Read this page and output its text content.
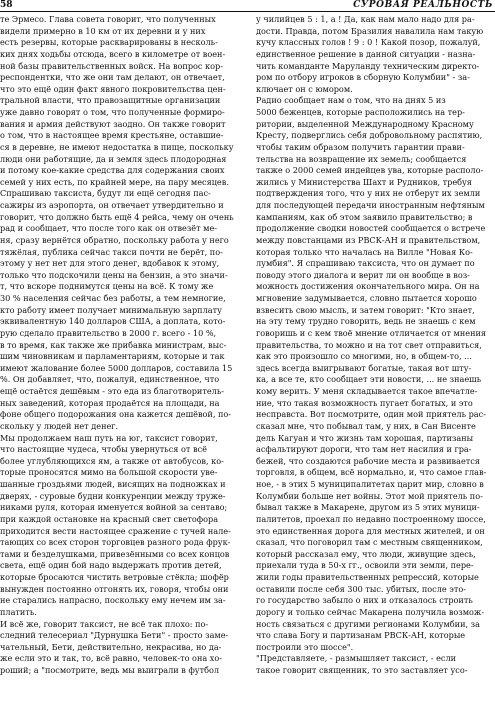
58	СУРОВАЯ РЕАЛЬНОСТЬ
те Эрмесо. Глава совета говорит, что полученных
видели примерно в 10 км от их деревни и у них
есть резервы, которые раскварированы в несколь-
ких днях ходьбы отсюда, всего в километре от воен-
ной базы правительственных войск. На вопрос кор-
респондентки, что же они там делают, он отвечает,
что это ещё один факт явного покровительства цен-
тральной власти, что правозащитные организации
уже давно говорят о том, что полученные формиро-
вания и армия действуют заодно. Он также говорит
о том, что в настоящее время крестьяне, оставшие-
ся в деревне, не имеют недостатка в пище, поскольку
люди они работящие, да и земля здесь плодородная
и потому кое-какие средства для содержания своих
семей у них есть, по крайней мере, на пару месяцев.
Спрашиваю таксиста, будут ли ещё сегодня пас-
сажиры из аэропорта, он отвечает утвердительно и
говорит, что должно быть ещё 4 рейса, чему он очень
рад и сообщает, что после того как он отвезёт ме-
ня, сразу вернётся обратно, поскольку работа у него
тяжёлая, публика сейчас такси почти не берёт, по-
этому у нет нет для этого денег, вдобавок к этому,
только что подскочили цены на бензин, а это значи-
т, что вскоре поднимутся цены на всё. К тому же
30 % населения сейчас без работы, а тем немногие,
кто работу имеет получает минимальную зарплату
эквивалентную 140 долларов США, а доплата, кото-
рую сделало правительство в 2000 г. всего - 10 %,
в то время, как также же прибавка министрам, выс-
шим чиновникам и парламентариям, которые и так
имеют жалование более 5000 долларов, составила 15
%. Он добавляет, что, пожалуй, единственное, что
ещё остаётся дешёвым - это еда из благотворитель-
ных заведений, которая продаётся на площади, на
фоне общего подорожания она кажется дешёвой, по-
скольку у людей нет денег.
Мы продолжаем наш путь на юг, таксист говорит,
что настоящие чудеса, чтобы увернуться от всё
более углубляющихся ям, а также от автобусов, ко-
торые проносятся мимо на большой скорости уве-
шанные гроздьями людей, висящих на подножках и
дверях, - суровые будни конкуренции между труже-
никами руля, которая именуется войной за сентаво;
при каждой остановке на красный свет светофора
приходится вести настоящее сражение с тучей нале-
тающих со всех сторон торговцев разного рода фрук-
тами и безделушками, привезёнными со всех концов
света, ещё один бой надо выдержать против детей,
которые бросаются чистить ветровые стёкла; шофёр
вынужден постоянно отгонять их, говоря, чтобы они
не старались напрасно, поскольку ему нечем им за-
платить.
И всё же, говорит таксист, не всё так плохо: по-
следний телесериал "Дурнушка Бети" - просто заме-
чательный, Бети, действительно, некрасива, но да-
же если это и так, то, всё равно, человек-то она хо-
роший; а "посмотрите, ведь мы выиграли в футбол
у чилийцев 5 : 1, а ! Да, как нам мало надо для ра-
дости. Правда, потом Бразилия навалила нам такую
кучу классных голов ! 9 : 0 ! Какой позор, пожалуй,
единственное решение в данной ситуации - назна-
чить команданте Маруланду техническим директо-
ром по отбору игроков в сборную Колумбии" - за-
ключает он с юмором.
Радио сообщает нам о том, что на днях 5 из
5000 беженцев, которые расположились на тер-
ритории, выделенной Международному Красному
Кресту, подверглись себя добровольному распятию,
чтобы таким образом получить гарантии прави-
тельства на возвращение их земель; сообщается
также о 2000 семей индейцев ува, которые располо-
жились у Министерства Шахт и Рудников, требуя
подтверждения того, что у них не отберут их земли
для последующей передачи иностранным нефтяным
кампаниям, как об этом заявило правительство; в
продолжение сводки новостей сообщается о встрече
между повстанцами из РВСК-АН и правительством,
которая только что началась на Вилле "Новая Ко-
лумбия". Я спрашиваю таксиста, что он думает по
поводу этого диалога и верит ли он вообще в воз-
можность достижения окончательного мира. Он на
мгновение задумывается, словно пытается хорошо
взвесить свою мысль, и затем говорит: "Кто знает,
на эту тему трудно говорить, ведь не знаешь с кем
говоришь и с кем твоё мнение отличается от мнения
правительства, то можно и на тот свет отправиться,
как это произошло со многими, но, в общем-то, ...
здесь всегда выигрывают богатые, такая вот шту-
ка, а все те, кто сообщает эти новости, ... не знаешь
кому верить. У меня складывается такое впечатле-
ние, что такая возможность пугает богатых, и это
несправста. Вот посмотрите, один мой приятель рас-
сказал мне, что побывал там, у них, в Сан Висенте
дель Кагуан и что жизнь там хорошая, партизаны
асфальтируют дороги, что там нет насилия и гра-
бежей, что создаются рабочие места и развивается
торговля, в общем, всё нормально, и, что самое глав-
ное, - в этих 5 муниципалитетах царит мир, словно в
Колумбии больше нет войны. Этот мой приятель по-
бывал также в Макарене, другом из 5 этих муници-
палитетов, проехал по недавно построенному шоссе,
это единственная дорога для местных жителей, и он
сказал, что поговорил там с местным священником,
который рассказал ему, что люди, живущие здесь,
приехали туда в 50-х гг., освоили эти земли, пере-
жили годы правительственных репрессий, которые
оставили после себя 300 тыс. убитых, после это-
го государство забыло о них и отказалось строить
дорогу и только сейчас Макарена получила возмож-
ность связаться с другими регионами Колумбии, за
что слава Богу и партизанам РВСК-АН, которые
построили это шоссе".
"Представляете, - размышляет таксист, - если
такое говорит священник, то это заставляет усо-
